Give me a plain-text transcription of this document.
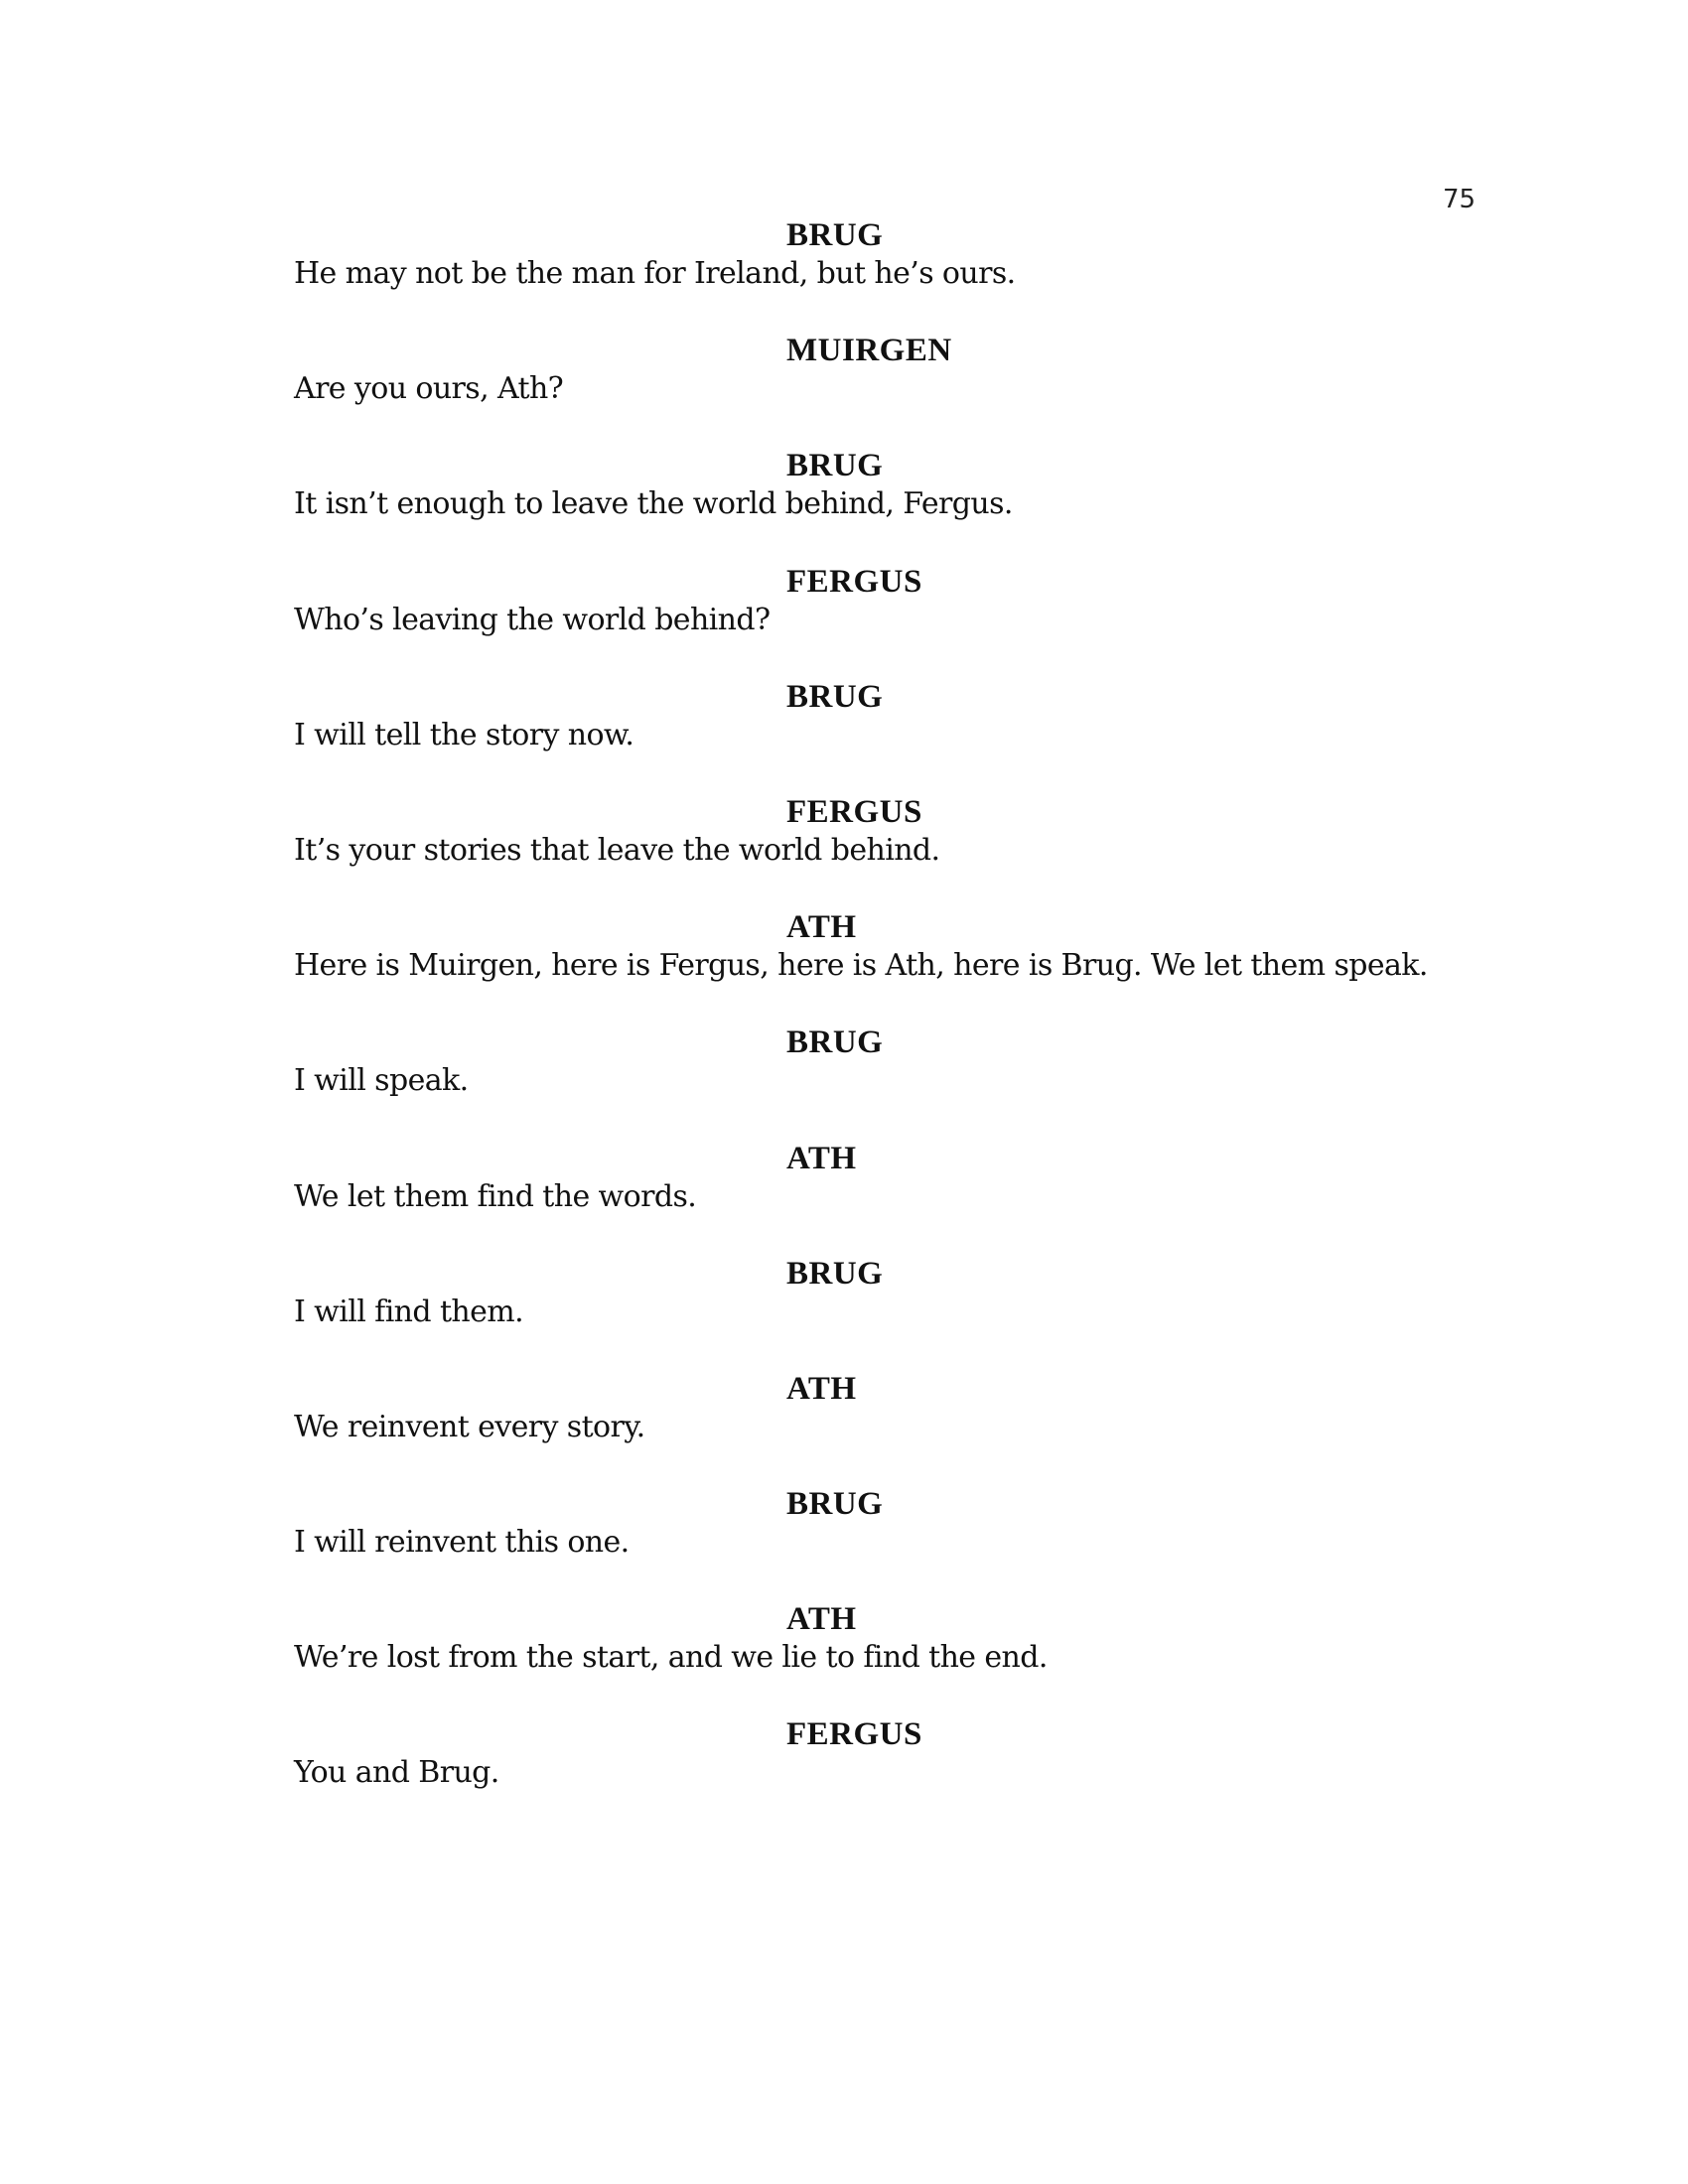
75
BRUG
He may not be the man for Ireland, but he’s ours.
MUIRGEN
Are you ours, Ath?
BRUG
It isn’t enough to leave the world behind, Fergus.
FERGUS
Who’s leaving the world behind?
BRUG
I will tell the story now.
FERGUS
It’s your stories that leave the world behind.
ATH
Here is Muirgen, here is Fergus, here is Ath, here is Brug. We let them speak.
BRUG
I will speak.
ATH
We let them find the words.
BRUG
I will find them.
ATH
We reinvent every story.
BRUG
I will reinvent this one.
ATH
We’re lost from the start, and we lie to find the end.
FERGUS
You and Brug.
